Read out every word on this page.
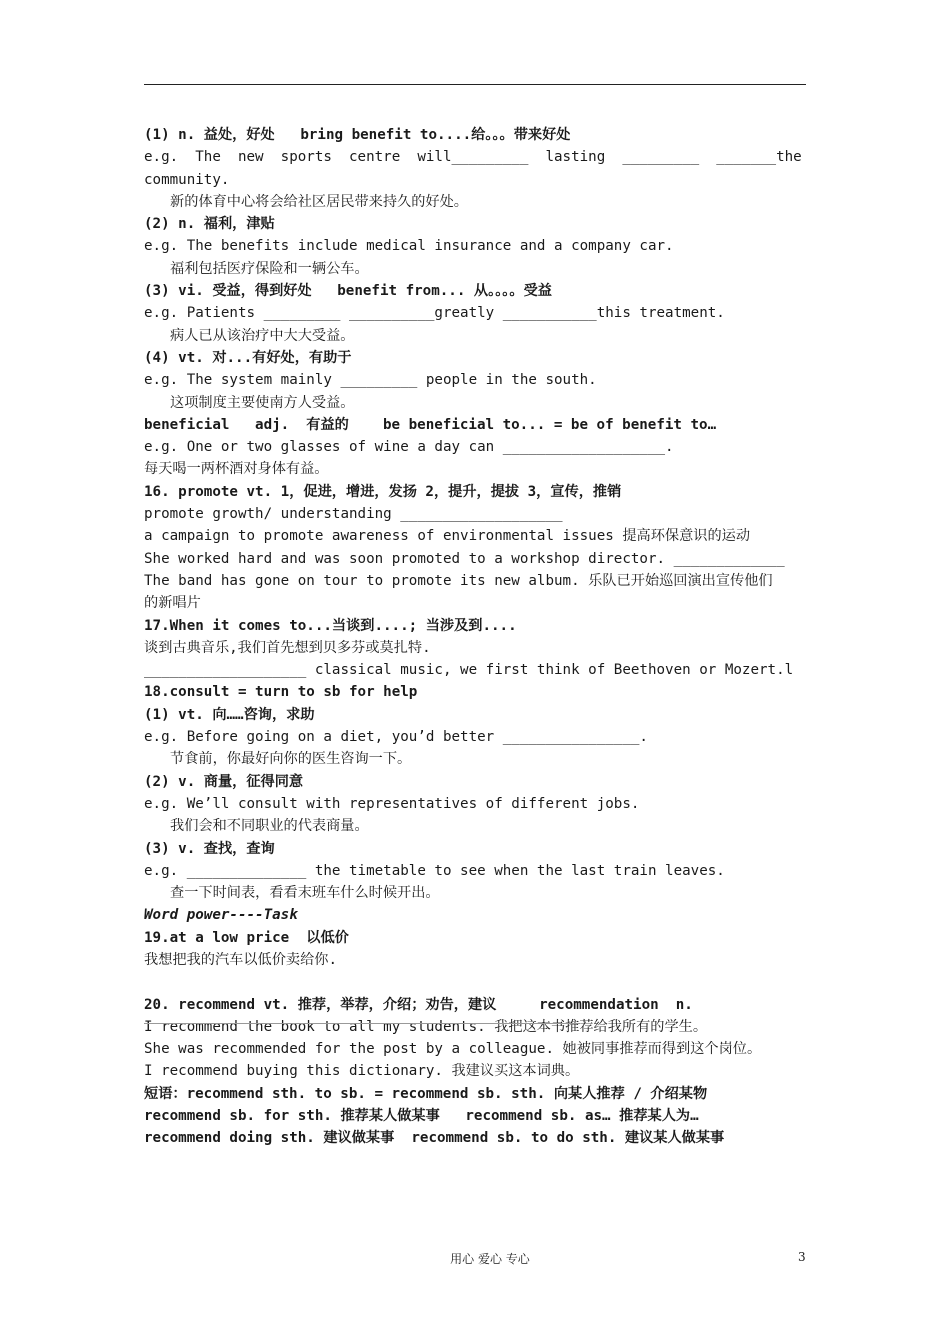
(1) n. 益处，好处   bring benefit to....给。。。带来好处
e.g.  The  new  sports  centre  will_________  lasting  _________  _______the
community.
新的体育中心将会给社区居民带来持久的好处。
(2) n. 福利，津贴
e.g. The benefits include medical insurance and a company car.
福利包括医疗保险和一辆公车。
(3) vi. 受益，得到好处   benefit from... 从。。。。受益
e.g. Patients _________ __________greatly ___________this treatment.
病人已从该治疗中大大受益。
(4) vt. 对...有好处，有助于
e.g. The system mainly _________ people in the south.
这项制度主要使南方人受益。
beneficial   adj.  有益的    be beneficial to... = be of benefit to…
e.g. One or two glasses of wine a day can ___________________.
每天喝一两杯酒对身体有益。
16. promote vt. 1，促进，增进，发扬 2，提升，提拔 3，宣传，推销
promote growth/ understanding ___________________
a campaign to promote awareness of environmental issues 提高环保意识的运动
She worked hard and was soon promoted to a workshop director. _____________
The band has gone on tour to promote its new album. 乐队已开始巡回演出宣传他们
的新唱片
17.When it comes to...当谈到....; 当涉及到....
谈到古典音乐,我们首先想到贝多芬或莫扎特.
___________________ classical music, we first think of Beethoven or Mozert.l
18.consult = turn to sb for help
(1) vt. 向……咨询，求助
e.g. Before going on a diet, you’d better ________________.
节食前，你最好向你的医生咨询一下。
(2) v. 商量，征得同意
e.g. We’ll consult with representatives of different jobs.
我们会和不同职业的代表商量。
(3) v. 查找，查询
e.g. ______________ the timetable to see when the last train leaves.
查一下时间表，看看末班车什么时候开出。
Word power----Task
19.at a low price  以低价
我想把我的汽车以低价卖给你.
20. recommend vt. 推荐，举荐，介绍；劝告，建议     recommendation  n.
I recommend the book to all my students. 我把这本书推荐给我所有的学生。
She was recommended for the post by a colleague. 她被同事推荐而得到这个岗位。
I recommend buying this dictionary. 我建议买这本词典。
短语：recommend sth. to sb. = recommend sb. sth. 向某人推荐 / 介绍某物
recommend sb. for sth. 推荐某人做某事   recommend sb. as… 推荐某人为…
recommend doing sth. 建议做某事  recommend sb. to do sth. 建议某人做某事
用心 爱心 专心	3
